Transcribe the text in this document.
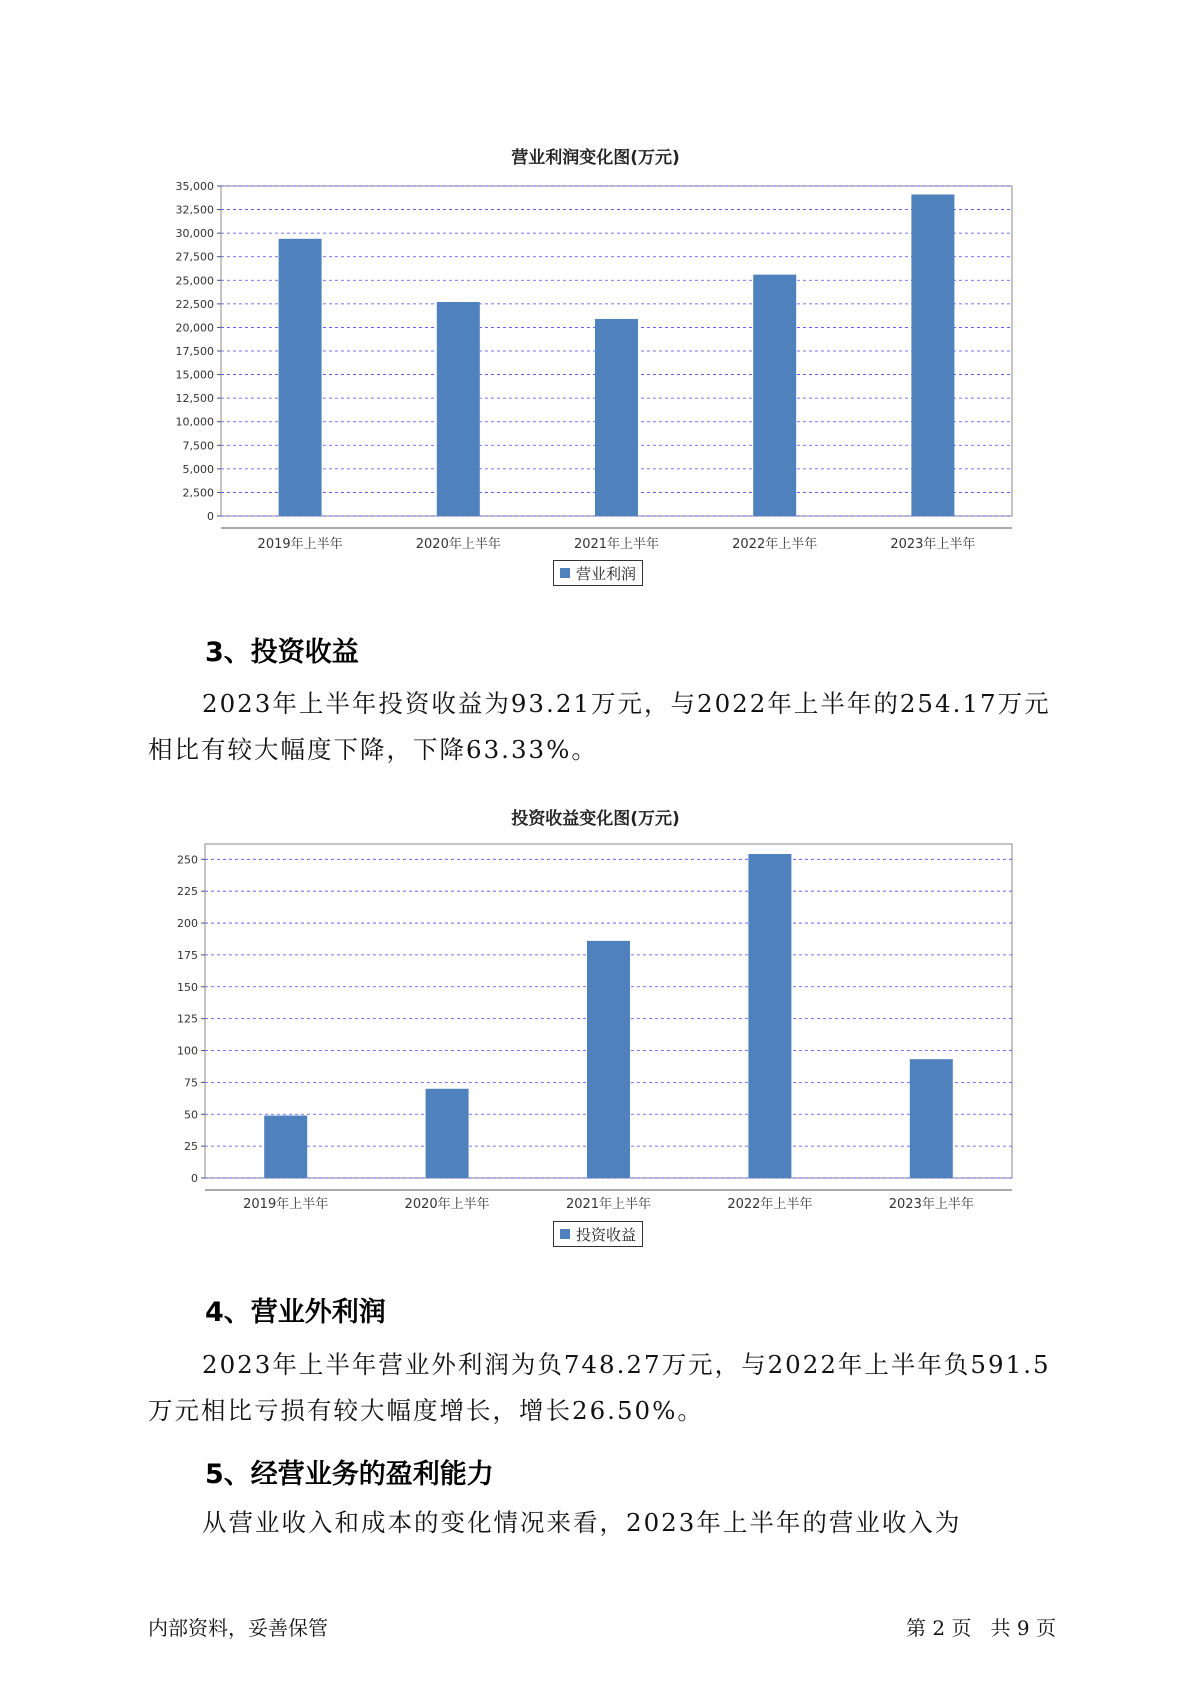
营业利润变化图(万元)
0
2,500
5,000
7,500
10,000
12,500
15,000
17,500
20,000
22,500
25,000
27,500
30,000
32,500
35,000
2019年上半年	2020年上半年	2021年上半年	2022年上半年	2023年上半年
营业利润
3、投资收益
2023年上半年投资收益为93.21万元，与2022年上半年的254.17万元相比有较大幅度下降，下降63.33%。
投资收益变化图(万元)
0
25
50
75
100
125
150
175
200
225
250
2019年上半年	2020年上半年	2021年上半年	2022年上半年	2023年上半年
投资收益
4、营业外利润
2023年上半年营业外利润为负748.27万元，与2022年上半年负591.5万元相比亏损有较大幅度增长，增长26.50%。
5、经营业务的盈利能力
从营业收入和成本的变化情况来看，2023年上半年的营业收入为
内部资料，妥善保管	第 2 页   共 9 页
